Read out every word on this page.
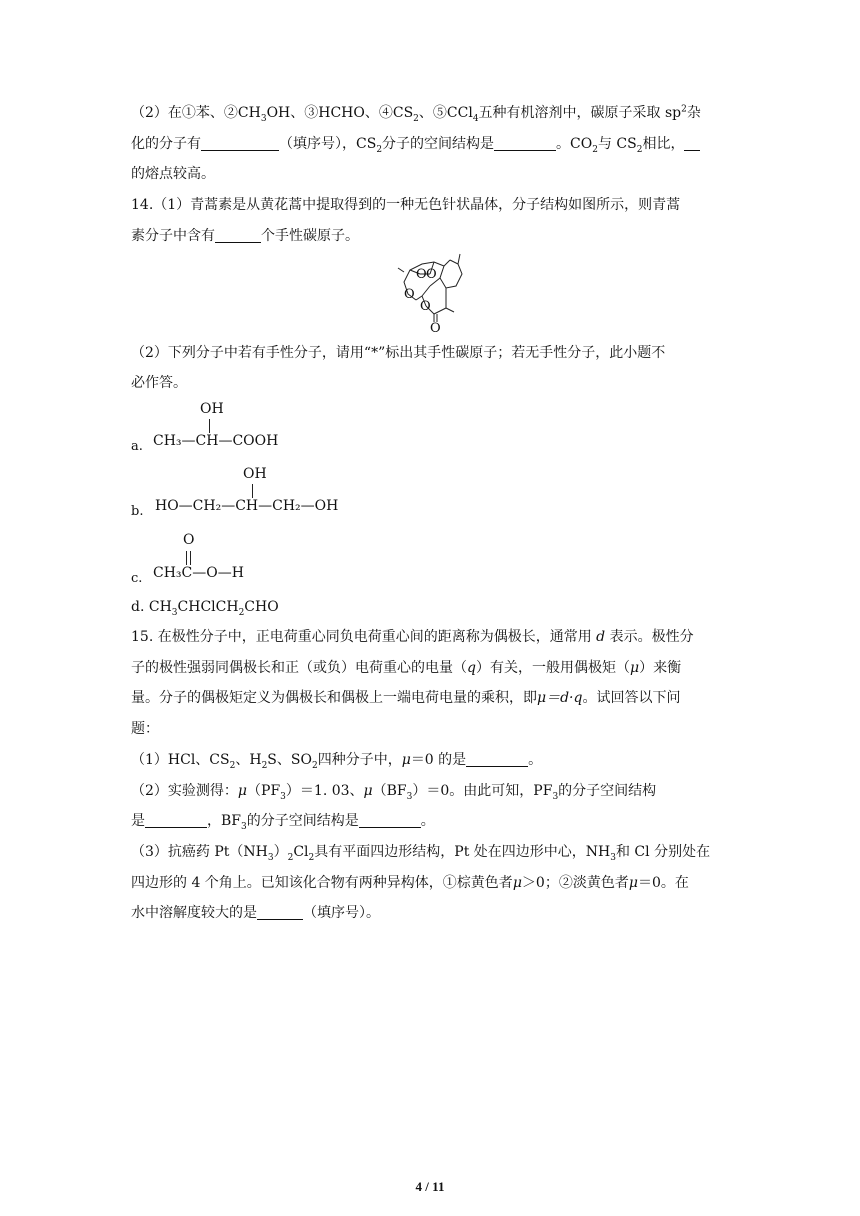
（2）在①苯、$②CH_3OH$、③HCHO、$④CS_2$、⑤CCl$_4$五种有机溶剂中，碳原子采取 $sp^2$杂
化的分子有	（填序号），$CS_2$分子的空间结构是	。$CO_2$与 $CS_2$相比，
的熔点较高。
14.（1）青蒿素是从黄花蒿中提取得到的一种无色针状晶体，分子结构如图所示，则青蒿
素分子中含有	个手性碳原子。
O O
O
O
O
（2）下列分子中若有手性分子，请用“*”标出其手性碳原子；若无手性分子，此小题不
必作答。
a.
OH
CH₃—CH—COOH
b.
OH
HO—CH₂—CH—CH₂—OH
c.
O
CH₃C—O—H
d. $CH_3CHClCH_2CHO$
15. 在极性分子中，正电荷重心同负电荷重心间的距离称为偶极长，通常用 d 表示。极性分
子的极性强弱同偶极长和正（或负）电荷重心的电量（q）有关，一般用偶极矩（μ）来衡
量。分子的偶极矩定义为偶极长和偶极上一端电荷电量的乘积，即μ＝d·q。试回答以下问
题：
（1）HCl、$CS_2$、$H_2S$、$SO_2$四种分子中，μ＝0 的是	。
（2）实验测得：$\mu(PF_3)=1$. 03、$\mu(BF_3)=0$。由此可知，$PF_3$的分子空间结构
是	，$BF_3$的分子空间结构是	。
（3）抗癌药 $Pt(NH_3)_2Cl_2$具有平面四边形结构，Pt 处在四边形中心，$NH_3$和 Cl 分别处在
四边形的 4 个角上。已知该化合物有两种异构体，①棕黄色者μ＞0；②淡黄色者μ＝0。在
水中溶解度较大的是	（填序号）。
4 / 11
